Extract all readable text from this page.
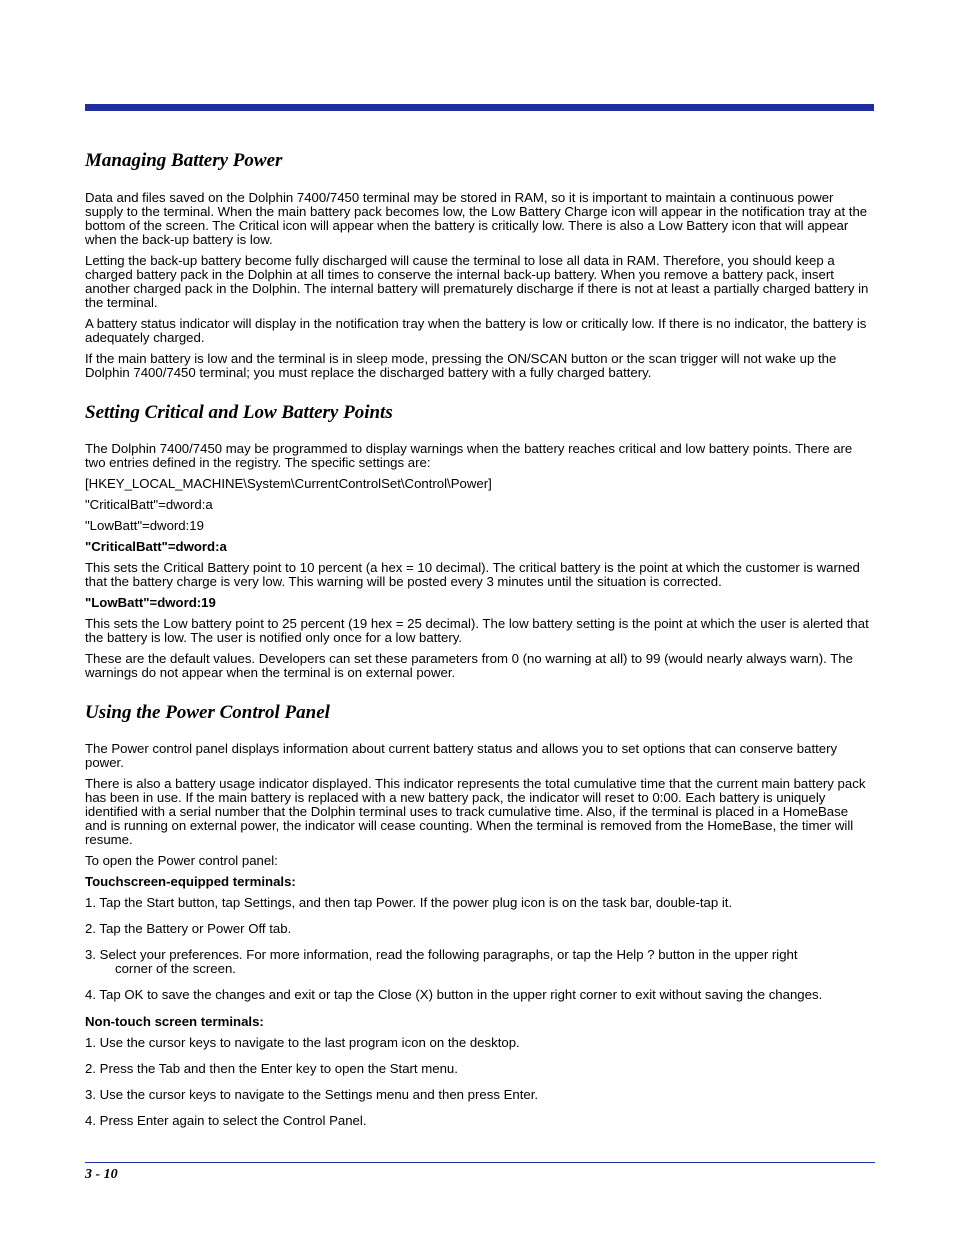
Managing Battery Power

Data and files saved on the Dolphin 7400/7450 terminal may be stored in RAM, so it is important to maintain a continuous power supply to the terminal. When the main battery pack becomes low, the Low Battery Charge icon will appear in the notification tray at the bottom of the screen. The Critical icon will appear when the battery is critically low. There is also a Low Battery icon that will appear when the back-up battery is low.

Letting the back-up battery become fully discharged will cause the terminal to lose all data in RAM. Therefore, you should keep a charged battery pack in the Dolphin at all times to conserve the internal back-up battery. When you remove a battery pack, insert another charged pack in the Dolphin. The internal battery will prematurely discharge if there is not at least a partially charged battery in the terminal.

A battery status indicator will display in the notification tray when the battery is low or critically low. If there is no indicator, the battery is adequately charged.

If the main battery is low and the terminal is in sleep mode, pressing the ON/SCAN button or the scan trigger will not wake up the Dolphin 7400/7450 terminal; you must replace the discharged battery with a fully charged battery.

Setting Critical and Low Battery Points

The Dolphin 7400/7450 may be programmed to display warnings when the battery reaches critical and low battery points. There are two entries defined in the registry. The specific settings are:

[HKEY_LOCAL_MACHINE\System\CurrentControlSet\Control\Power]

"CriticalBatt"=dword:a

"LowBatt"=dword:19

"CriticalBatt"=dword:a

This sets the Critical Battery point to 10 percent (a hex = 10 decimal). The critical battery is the point at which the customer is warned that the battery charge is very low. This warning will be posted every 3 minutes until the situation is corrected.

"LowBatt"=dword:19

This sets the Low battery point to 25 percent (19 hex = 25 decimal). The low battery setting is the point at which the user is alerted that the battery is low. The user is notified only once for a low battery.

These are the default values. Developers can set these parameters from 0 (no warning at all) to 99 (would nearly always warn). The warnings do not appear when the terminal is on external power.

Using the Power Control Panel

The Power control panel displays information about current battery status and allows you to set options that can conserve battery power.

There is also a battery usage indicator displayed. This indicator represents the total cumulative time that the current main battery pack has been in use. If the main battery is replaced with a new battery pack, the indicator will reset to 0:00. Each battery is uniquely identified with a serial number that the Dolphin terminal uses to track cumulative time. Also, if the terminal is placed in a HomeBase and is running on external power, the indicator will cease counting. When the terminal is removed from the HomeBase, the timer will resume.

To open the Power control panel:

Touchscreen-equipped terminals:

1. Tap the Start button, tap Settings, and then tap Power. If the power plug icon is on the task bar, double-tap it.
2. Tap the Battery or Power Off tab.
3. Select your preferences. For more information, read the following paragraphs, or tap the Help ? button in the upper right
corner of the screen.
4. Tap OK to save the changes and exit or tap the Close (X) button in the upper right corner to exit without saving the changes.

Non-touch screen terminals:

1. Use the cursor keys to navigate to the last program icon on the desktop.
2. Press the Tab and then the Enter key to open the Start menu.
3. Use the cursor keys to navigate to the Settings menu and then press Enter.
4. Press Enter again to select the Control Panel.
3 - 10
